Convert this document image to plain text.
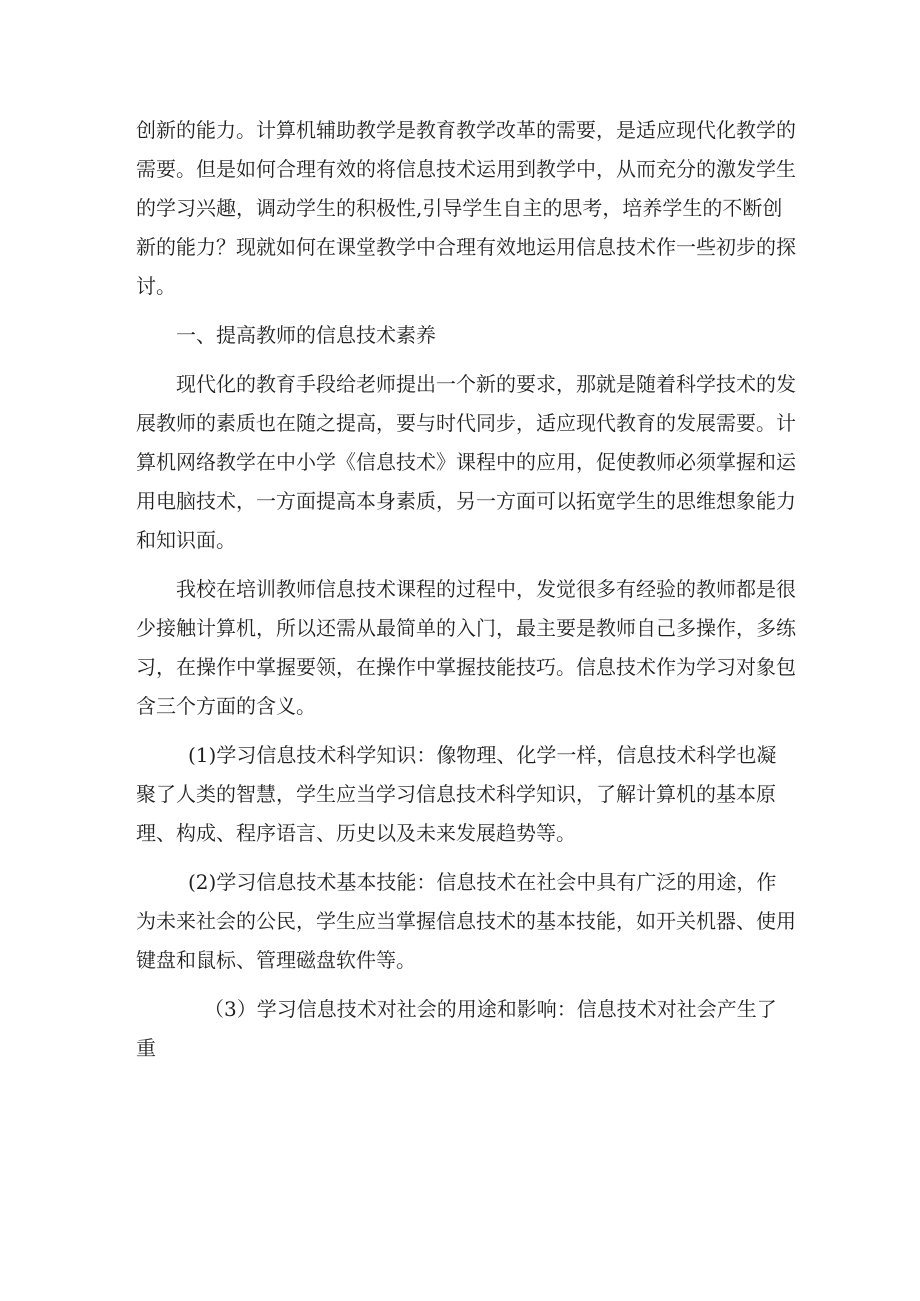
创新的能力。计算机辅助教学是教育教学改革的需要，是适应现代化教学的需要。但是如何合理有效的将信息技术运用到教学中，从而充分的激发学生的学习兴趣，调动学生的积极性,引导学生自主的思考，培养学生的不断创新的能力？现就如何在课堂教学中合理有效地运用信息技术作一些初步的探讨。

一、提高教师的信息技术素养

现代化的教育手段给老师提出一个新的要求，那就是随着科学技术的发展教师的素质也在随之提高，要与时代同步，适应现代教育的发展需要。计算机网络教学在中小学《信息技术》课程中的应用，促使教师必须掌握和运用电脑技术，一方面提高本身素质，另一方面可以拓宽学生的思维想象能力和知识面。

我校在培训教师信息技术课程的过程中，发觉很多有经验的教师都是很少接触计算机，所以还需从最简单的入门，最主要是教师自己多操作，多练习，在操作中掌握要领，在操作中掌握技能技巧。信息技术作为学习对象包含三个方面的含义。

(1)学习信息技术科学知识：像物理、化学一样，信息技术科学也凝聚了人类的智慧，学生应当学习信息技术科学知识，了解计算机的基本原理、构成、程序语言、历史以及未来发展趋势等。

(2)学习信息技术基本技能：信息技术在社会中具有广泛的用途，作为未来社会的公民，学生应当掌握信息技术的基本技能，如开关机器、使用键盘和鼠标、管理磁盘软件等。

（3）学习信息技术对社会的用途和影响：信息技术对社会产生了重
